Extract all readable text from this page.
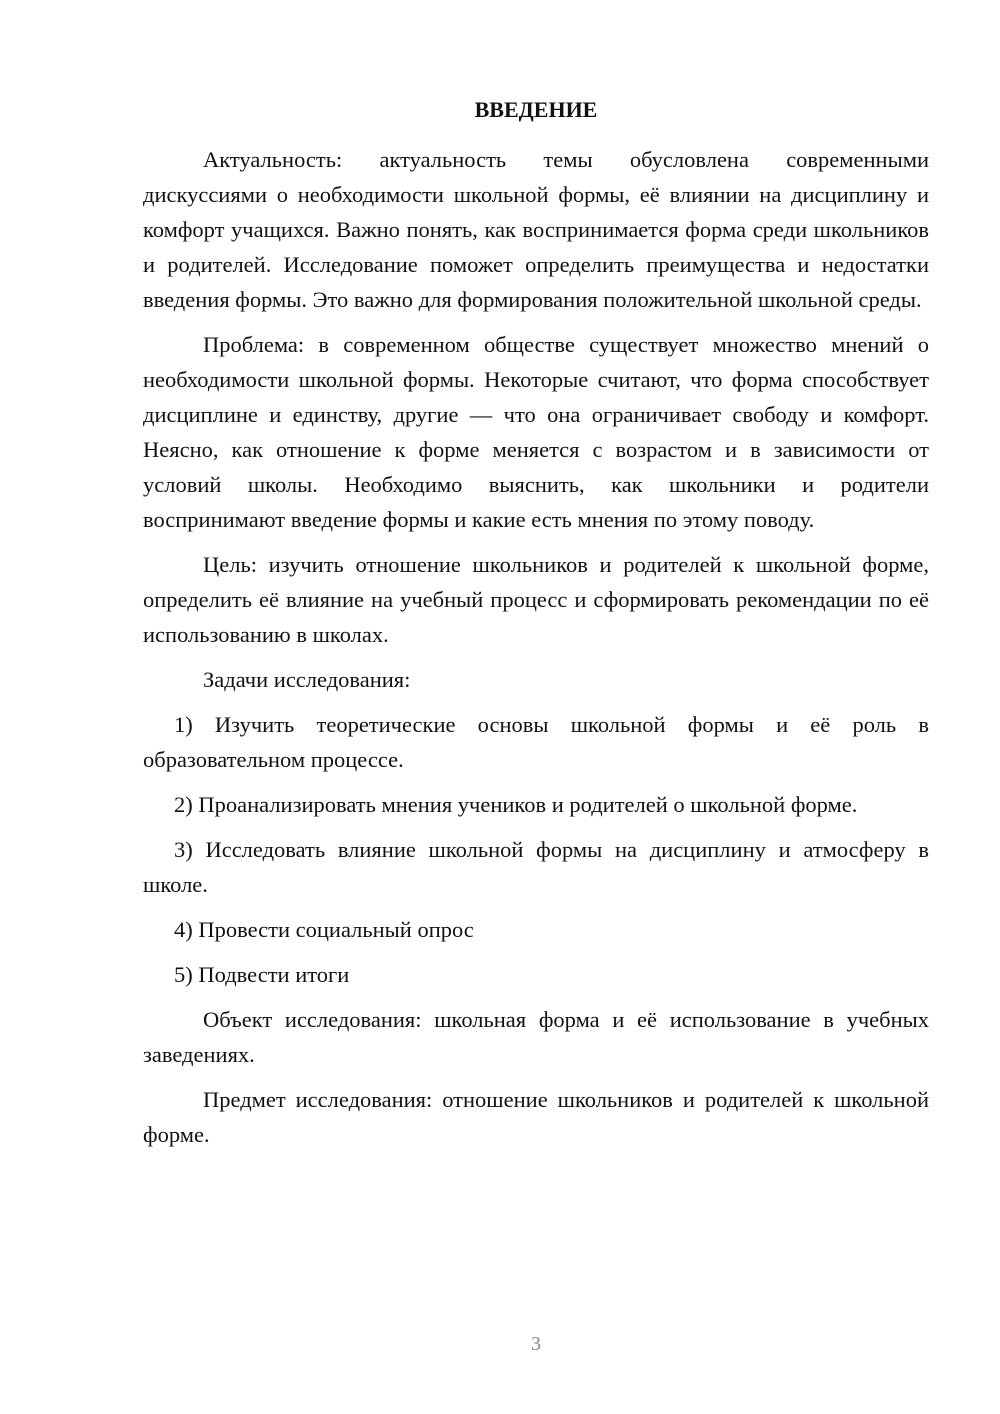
ВВЕДЕНИЕ

Актуальность: актуальность темы обусловлена современными дискуссиями о необходимости школьной формы, её влиянии на дисциплину и комфорт учащихся. Важно понять, как воспринимается форма среди школьников и родителей. Исследование поможет определить преимущества и недостатки введения формы. Это важно для формирования положительной школьной среды.

Проблема: в современном обществе существует множество мнений о необходимости школьной формы. Некоторые считают, что форма способствует дисциплине и единству, другие — что она ограничивает свободу и комфорт. Неясно, как отношение к форме меняется с возрастом и в зависимости от условий школы. Необходимо выяснить, как школьники и родители воспринимают введение формы и какие есть мнения по этому поводу.

Цель: изучить отношение школьников и родителей к школьной форме, определить её влияние на учебный процесс и сформировать рекомендации по её использованию в школах.

Задачи исследования:

1) Изучить теоретические основы школьной формы и её роль в образовательном процессе.

2) Проанализировать мнения учеников и родителей о школьной форме.

3) Исследовать влияние школьной формы на дисциплину и атмосферу в школе.

4) Провести социальный опрос

5) Подвести итоги

Объект исследования: школьная форма и её использование в учебных заведениях.

Предмет исследования: отношение школьников и родителей к школьной форме.

3
